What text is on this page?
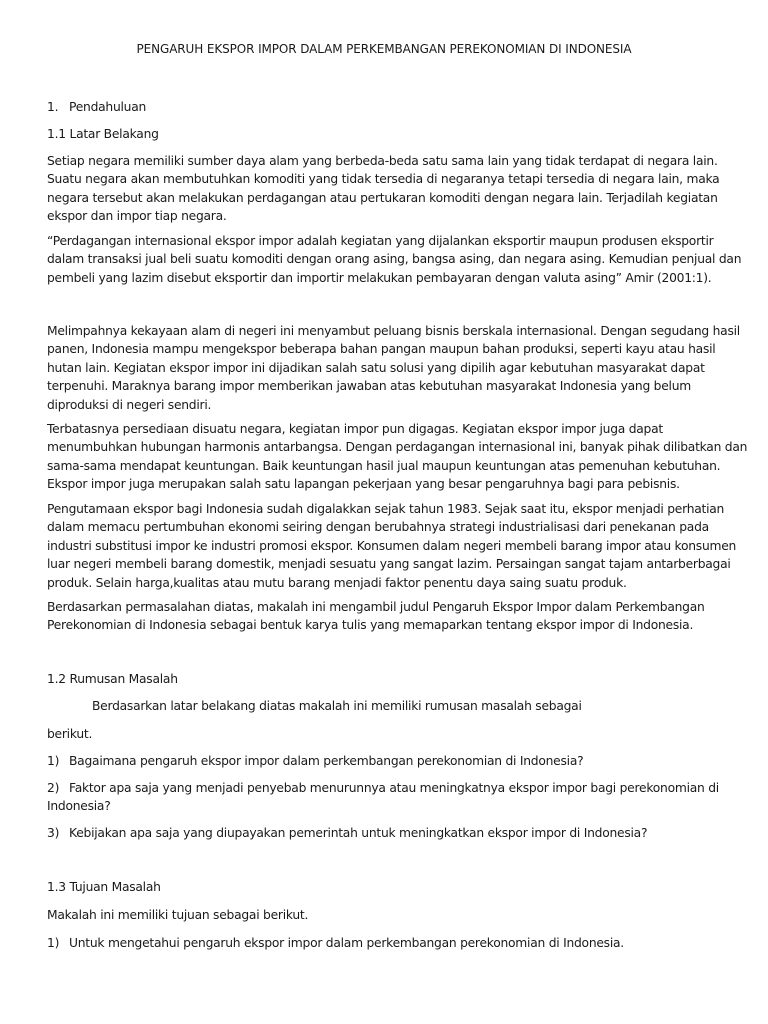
PENGARUH EKSPOR IMPOR DALAM PERKEMBANGAN PEREKONOMIAN DI INDONESIA
1. Pendahuluan
1.1 Latar Belakang
Setiap negara memiliki sumber daya alam yang berbeda-beda satu sama lain yang tidak terdapat di negara lain.
Suatu negara akan membutuhkan komoditi yang tidak tersedia di negaranya tetapi tersedia di negara lain, maka
negara tersebut akan melakukan perdagangan atau pertukaran komoditi dengan negara lain. Terjadilah kegiatan
ekspor dan impor tiap negara.
“Perdagangan internasional ekspor impor adalah kegiatan yang dijalankan eksportir maupun produsen eksportir
dalam transaksi jual beli suatu komoditi dengan orang asing, bangsa asing, dan negara asing. Kemudian penjual dan
pembeli yang lazim disebut eksportir dan importir melakukan pembayaran dengan valuta asing” Amir (2001:1).
Melimpahnya kekayaan alam di negeri ini menyambut peluang bisnis berskala internasional. Dengan segudang hasil
panen, Indonesia mampu mengekspor beberapa bahan pangan maupun bahan produksi, seperti kayu atau hasil
hutan lain. Kegiatan ekspor impor ini dijadikan salah satu solusi yang dipilih agar kebutuhan masyarakat dapat
terpenuhi. Maraknya barang impor memberikan jawaban atas kebutuhan masyarakat Indonesia yang belum
diproduksi di negeri sendiri.
Terbatasnya persediaan disuatu negara, kegiatan impor pun digagas. Kegiatan ekspor impor juga dapat
menumbuhkan hubungan harmonis antarbangsa. Dengan perdagangan internasional ini, banyak pihak dilibatkan dan
sama-sama mendapat keuntungan. Baik keuntungan hasil jual maupun keuntungan atas pemenuhan kebutuhan.
Ekspor impor juga merupakan salah satu lapangan pekerjaan yang besar pengaruhnya bagi para pebisnis.
Pengutamaan ekspor bagi Indonesia sudah digalakkan sejak tahun 1983. Sejak saat itu, ekspor menjadi perhatian
dalam memacu pertumbuhan ekonomi seiring dengan berubahnya strategi industrialisasi dari penekanan pada
industri substitusi impor ke industri promosi ekspor. Konsumen dalam negeri membeli barang impor atau konsumen
luar negeri membeli barang domestik, menjadi sesuatu yang sangat lazim. Persaingan sangat tajam antarberbagai
produk. Selain harga,kualitas atau mutu barang menjadi faktor penentu daya saing suatu produk.
Berdasarkan permasalahan diatas, makalah ini mengambil judul Pengaruh Ekspor Impor dalam Perkembangan
Perekonomian di Indonesia sebagai bentuk karya tulis yang memaparkan tentang ekspor impor di Indonesia.
1.2 Rumusan Masalah
Berdasarkan latar belakang diatas makalah ini memiliki rumusan masalah sebagai
berikut.
1) Bagaimana pengaruh ekspor impor dalam perkembangan perekonomian di Indonesia?
2) Faktor apa saja yang menjadi penyebab menurunnya atau meningkatnya ekspor impor bagi perekonomian di
Indonesia?
3) Kebijakan apa saja yang diupayakan pemerintah untuk meningkatkan ekspor impor di Indonesia?
1.3 Tujuan Masalah
Makalah ini memiliki tujuan sebagai berikut.
1) Untuk mengetahui pengaruh ekspor impor dalam perkembangan perekonomian di Indonesia.
